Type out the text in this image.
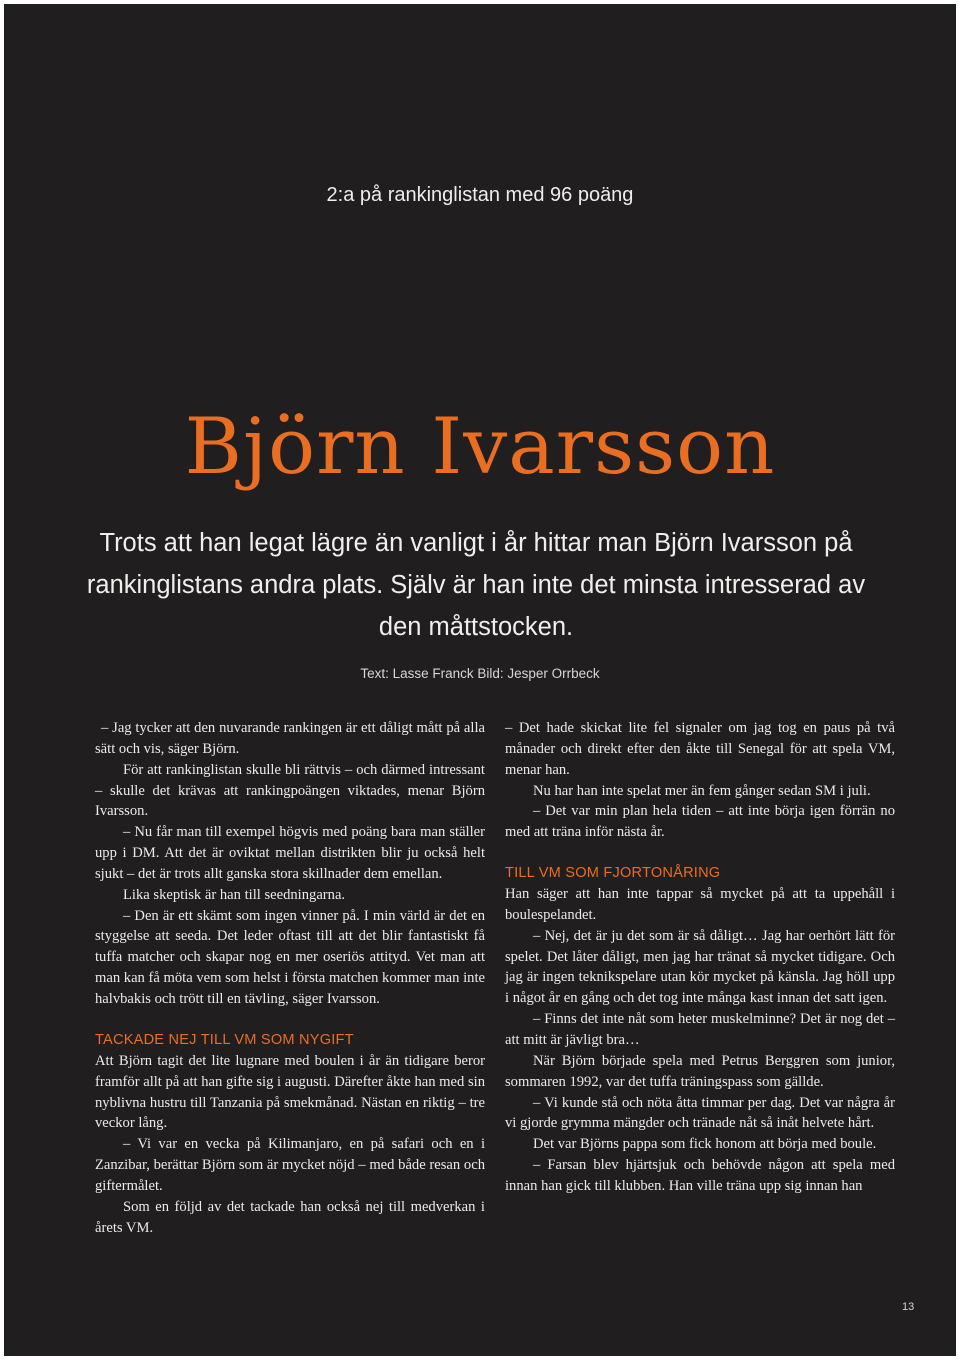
2:a på rankinglistan med 96 poäng
Björn Ivarsson
Trots att han legat lägre än vanligt i år hittar man Björn Ivarsson på rankinglistans andra plats. Själv är han inte det minsta intresserad av den måttstocken.
Text: Lasse Franck Bild: Jesper Orrbeck

– Jag tycker att den nuvarande rankingen är ett dåligt mått på alla sätt och vis, säger Björn.

För att rankinglistan skulle bli rättvis – och därmed intressant – skulle det krävas att rankingpoängen viktades, menar Björn Ivarsson.

– Nu får man till exempel högvis med poäng bara man ställer upp i DM. Att det är oviktat mellan distrikten blir ju också helt sjukt – det är trots allt ganska stora skillnader dem emellan.

Lika skeptisk är han till seedningarna.

– Den är ett skämt som ingen vinner på. I min värld är det en styggelse att seeda. Det leder oftast till att det blir fantastiskt få tuffa matcher och skapar nog en mer oseriös attityd. Vet man att man kan få möta vem som helst i första matchen kommer man inte halvbakis och trött till en tävling, säger Ivarsson.

TACKADE NEJ TILL VM SOM NYGIFT

Att Björn tagit det lite lugnare med boulen i år än tidigare beror framför allt på att han gifte sig i augusti. Därefter åkte han med sin nyblivna hustru till Tanzania på smekmånad. Nästan en riktig – tre veckor lång.

– Vi var en vecka på Kilimanjaro, en på safari och en i Zanzibar, berättar Björn som är mycket nöjd – med både resan och giftermålet.

Som en följd av det tackade han också nej till medverkan i årets VM.

– Det hade skickat lite fel signaler om jag tog en paus på två månader och direkt efter den åkte till Senegal för att spela VM, menar han.

Nu har han inte spelat mer än fem gånger sedan SM i juli.

– Det var min plan hela tiden – att inte börja igen förrän no med att träna inför nästa år.

TILL VM SOM FJORTONÅRING

Han säger att han inte tappar så mycket på att ta uppehåll i boulespelandet.

– Nej, det är ju det som är så dåligt… Jag har oerhört lätt för spelet. Det låter dåligt, men jag har tränat så mycket tidigare. Och jag är ingen teknikspelare utan kör mycket på känsla. Jag höll upp i något år en gång och det tog inte många kast innan det satt igen.

– Finns det inte nåt som heter muskelminne? Det är nog det – att mitt är jävligt bra…

När Björn började spela med Petrus Berggren som junior, sommaren 1992, var det tuffa träningspass som gällde.

– Vi kunde stå och nöta åtta timmar per dag. Det var några år vi gjorde grymma mängder och tränade nåt så inåt helvete hårt.

Det var Björns pappa som fick honom att börja med boule.

– Farsan blev hjärtsjuk och behövde någon att spela med innan han gick till klubben. Han ville träna upp sig innan han

13
